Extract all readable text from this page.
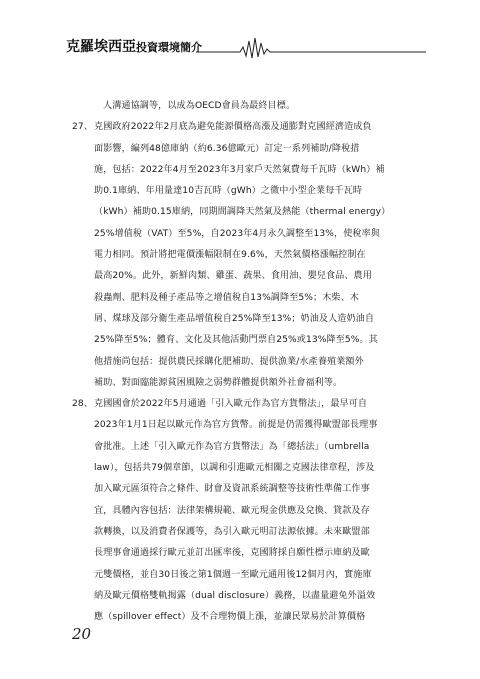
克羅埃西亞投資環境簡介
人溝通協調等，以成為OECD會員為最終目標。
27、 克國政府2022年2月底為避免能源價格高漲及通膨對克國經濟造成負
面影響，編列48億庫納（約6.36億歐元）訂定一系列補助/降稅措
施，包括：2022年4月至2023年3月家戶天然氣費每千瓦時（kWh）補
助0.1庫納、年用量達10吉瓦時（gWh）之微中小型企業每千瓦時
（kWh）補助0.15庫納，同期間調降天然氣及熱能（thermal energy）
25%增值稅（VAT）至5%，自2023年4月永久調整至13%，使稅率與
電力相同。預計將把電價漲幅限制在9.6%，天然氣價格漲幅控制在
最高20%。此外，新鮮肉類、雞蛋、蔬果、食用油、嬰兒食品、農用
殺蟲劑、肥料及種子產品等之增值稅自13%調降至5%；木柴、木
屑、煤球及部分衛生產品增值稅自25%降至13%；奶油及人造奶油自
25%降至5%；體育、文化及其他活動門票自25%或13%降至5%。其
他措施尚包括：提供農民採購化肥補助、提供漁業/水產養殖業額外
補助、對面臨能源貧困風險之弱勢群體提供額外社會福利等。
28、 克國國會於2022年5月通過「引入歐元作為官方貨幣法」，最早可自
2023年1月1日起以歐元作為官方貨幣。前提是仍需獲得歐盟部長理事
會批准。上述「引入歐元作為官方貨幣法」為「總括法」（umbrella
law），包括共79個章節，以調和引進歐元相關之克國法律章程，涉及
加入歐元區須符合之條件、財會及資訊系統調整等技術性準備工作事
宜，具體內容包括：法律架構規範、歐元現金供應及兌換、貸款及存
款轉換，以及消費者保護等，為引入歐元明訂法源依據。未來歐盟部
長理事會通過採行歐元並訂出匯率後，克國將採自願性標示庫納及歐
元雙價格，並自30日後之第1個週一至歐元通用後12個月內，實施庫
納及歐元價格雙軌揭露（dual disclosure）義務，以盡量避免外溢效
應（spillover effect）及不合理物價上漲，並讓民眾易於計算價格
20
